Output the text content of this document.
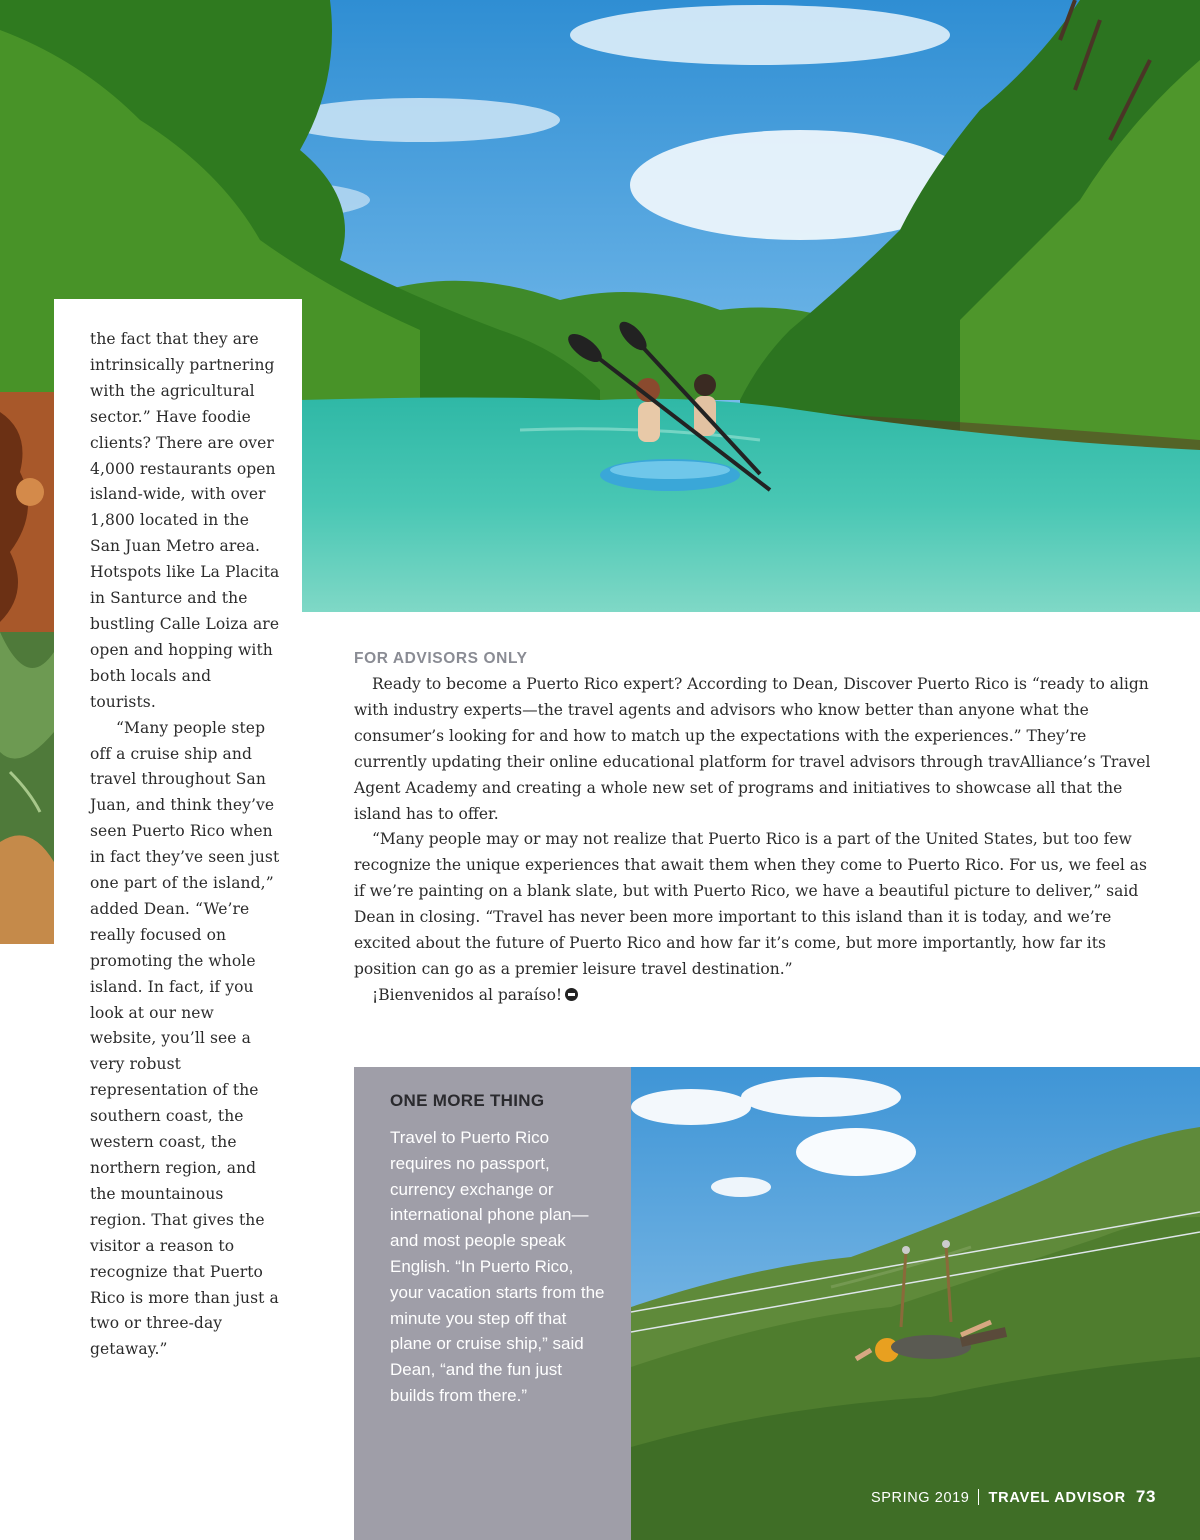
the fact that they are intrinsically partnering with the agricultural sector.” Have foodie clients? There are over 4,000 restaurants open island-wide, with over 1,800 located in the San Juan Metro area. Hotspots like La Placita in Santurce and the bustling Calle Loiza are open and hopping with both locals and tourists.

“Many people step off a cruise ship and travel throughout San Juan, and think they’ve seen Puerto Rico when in fact they’ve seen just one part of the island,” added Dean. “We’re really focused on promoting the whole island. In fact, if you look at our new website, you’ll see a very robust representation of the southern coast, the western coast, the northern region, and the mountainous region. That gives the visitor a reason to recognize that Puerto Rico is more than just a two or three-day getaway.”

FOR ADVISORS ONLY

Ready to become a Puerto Rico expert? According to Dean, Discover Puerto Rico is “ready to align with industry experts—the travel agents and advisors who know better than anyone what the consumer’s looking for and how to match up the expectations with the experiences.” They’re currently updating their online educational platform for travel advisors through travAlliance’s Travel Agent Academy and creating a whole new set of programs and initiatives to showcase all that the island has to offer.

“Many people may or may not realize that Puerto Rico is a part of the United States, but too few recognize the unique experiences that await them when they come to Puerto Rico. For us, we feel as if we’re painting on a blank slate, but with Puerto Rico, we have a beautiful picture to deliver,” said Dean in closing. “Travel has never been more important to this island than it is today, and we’re excited about the future of Puerto Rico and how far it’s come, but more importantly, how far its position can go as a premier leisure travel destination.”

¡Bienvenidos al paraíso!

ONE MORE THING

Travel to Puerto Rico requires no passport, currency exchange or international phone plan—and most people speak English. “In Puerto Rico, your vacation starts from the minute you step off that plane or cruise ship,” said Dean, “and the fun just builds from there.”

SPRING 2019 TRAVEL ADVISOR 73
